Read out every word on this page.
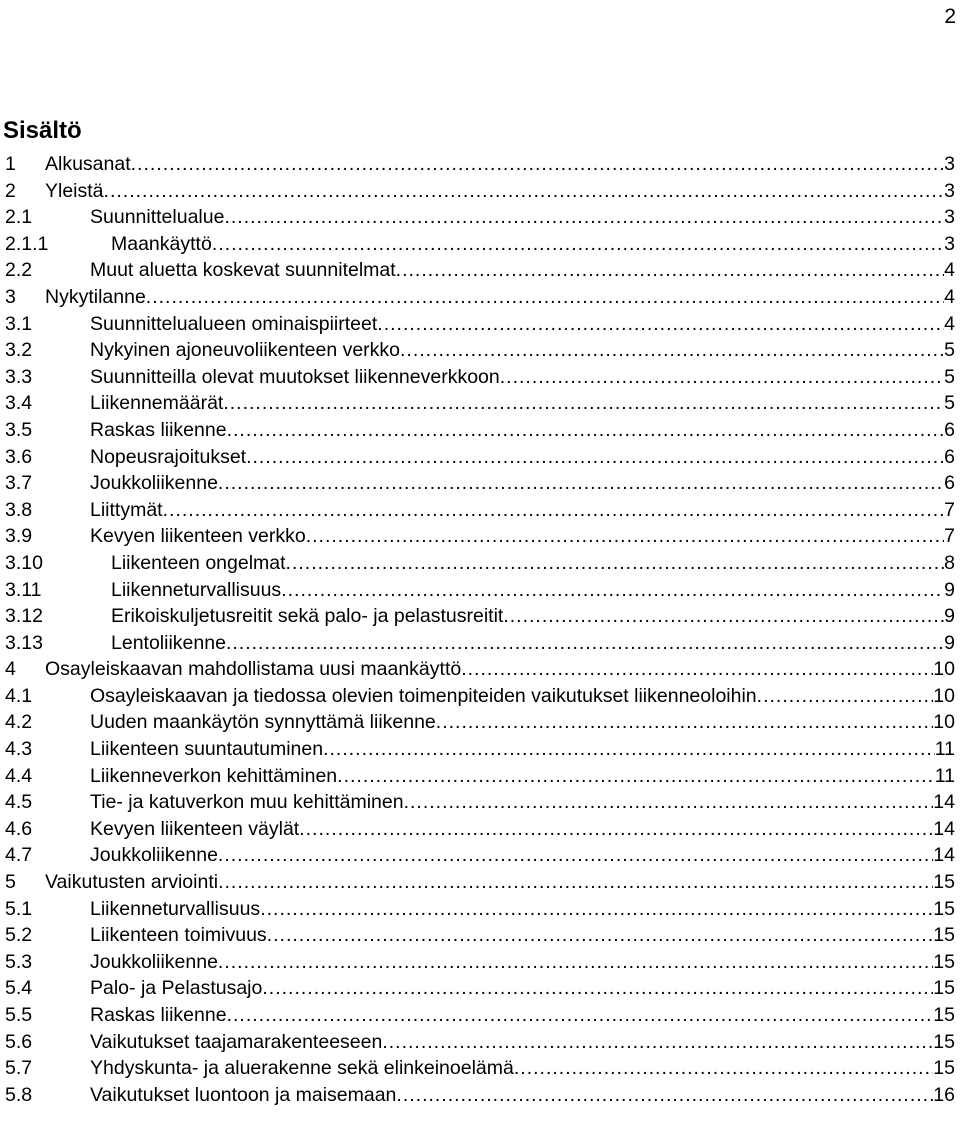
2
Sisältö
1	Alkusanat .....	3
2	Yleistä .....	3
2.1	Suunnittelualue .....	3
2.1.1	Maankäyttö .....	3
2.2	Muut aluetta koskevat suunnitelmat .....	4
3	Nykytilanne .....	4
3.1	Suunnittelualueen ominaispiirteet .....	4
3.2	Nykyinen ajoneuvoliikenteen verkko .....	5
3.3	Suunnitteilla olevat muutokset liikenneverkkoon .....	5
3.4	Liikennemäärät .....	5
3.5	Raskas liikenne .....	6
3.6	Nopeusrajoitukset .....	6
3.7	Joukkoliikenne .....	6
3.8	Liittymät .....	7
3.9	Kevyen liikenteen verkko .....	7
3.10	Liikenteen ongelmat .....	8
3.11	Liikenneturvallisuus .....	9
3.12	Erikoiskuljetusreitit sekä palo- ja pelastusreitit .....	9
3.13	Lentoliikenne .....	9
4	Osayleiskaavan mahdollistama uusi maankäyttö .....	10
4.1	Osayleiskaavan ja tiedossa olevien toimenpiteiden vaikutukset liikenneoloihin .....	10
4.2	Uuden maankäytön synnyttämä liikenne .....	10
4.3	Liikenteen suuntautuminen .....	11
4.4	Liikenneverkon kehittäminen .....	11
4.5	Tie- ja katuverkon muu kehittäminen .....	14
4.6	Kevyen liikenteen väylät .....	14
4.7	Joukkoliikenne .....	14
5	Vaikutusten arviointi .....	15
5.1	Liikenneturvallisuus .....	15
5.2	Liikenteen toimivuus .....	15
5.3	Joukkoliikenne .....	15
5.4	Palo- ja Pelastusajo .....	15
5.5	Raskas liikenne .....	15
5.6	Vaikutukset taajamarakenteeseen .....	15
5.7	Yhdyskunta- ja aluerakenne sekä elinkeinoelämä .....	15
5.8	Vaikutukset luontoon ja maisemaan .....	16
